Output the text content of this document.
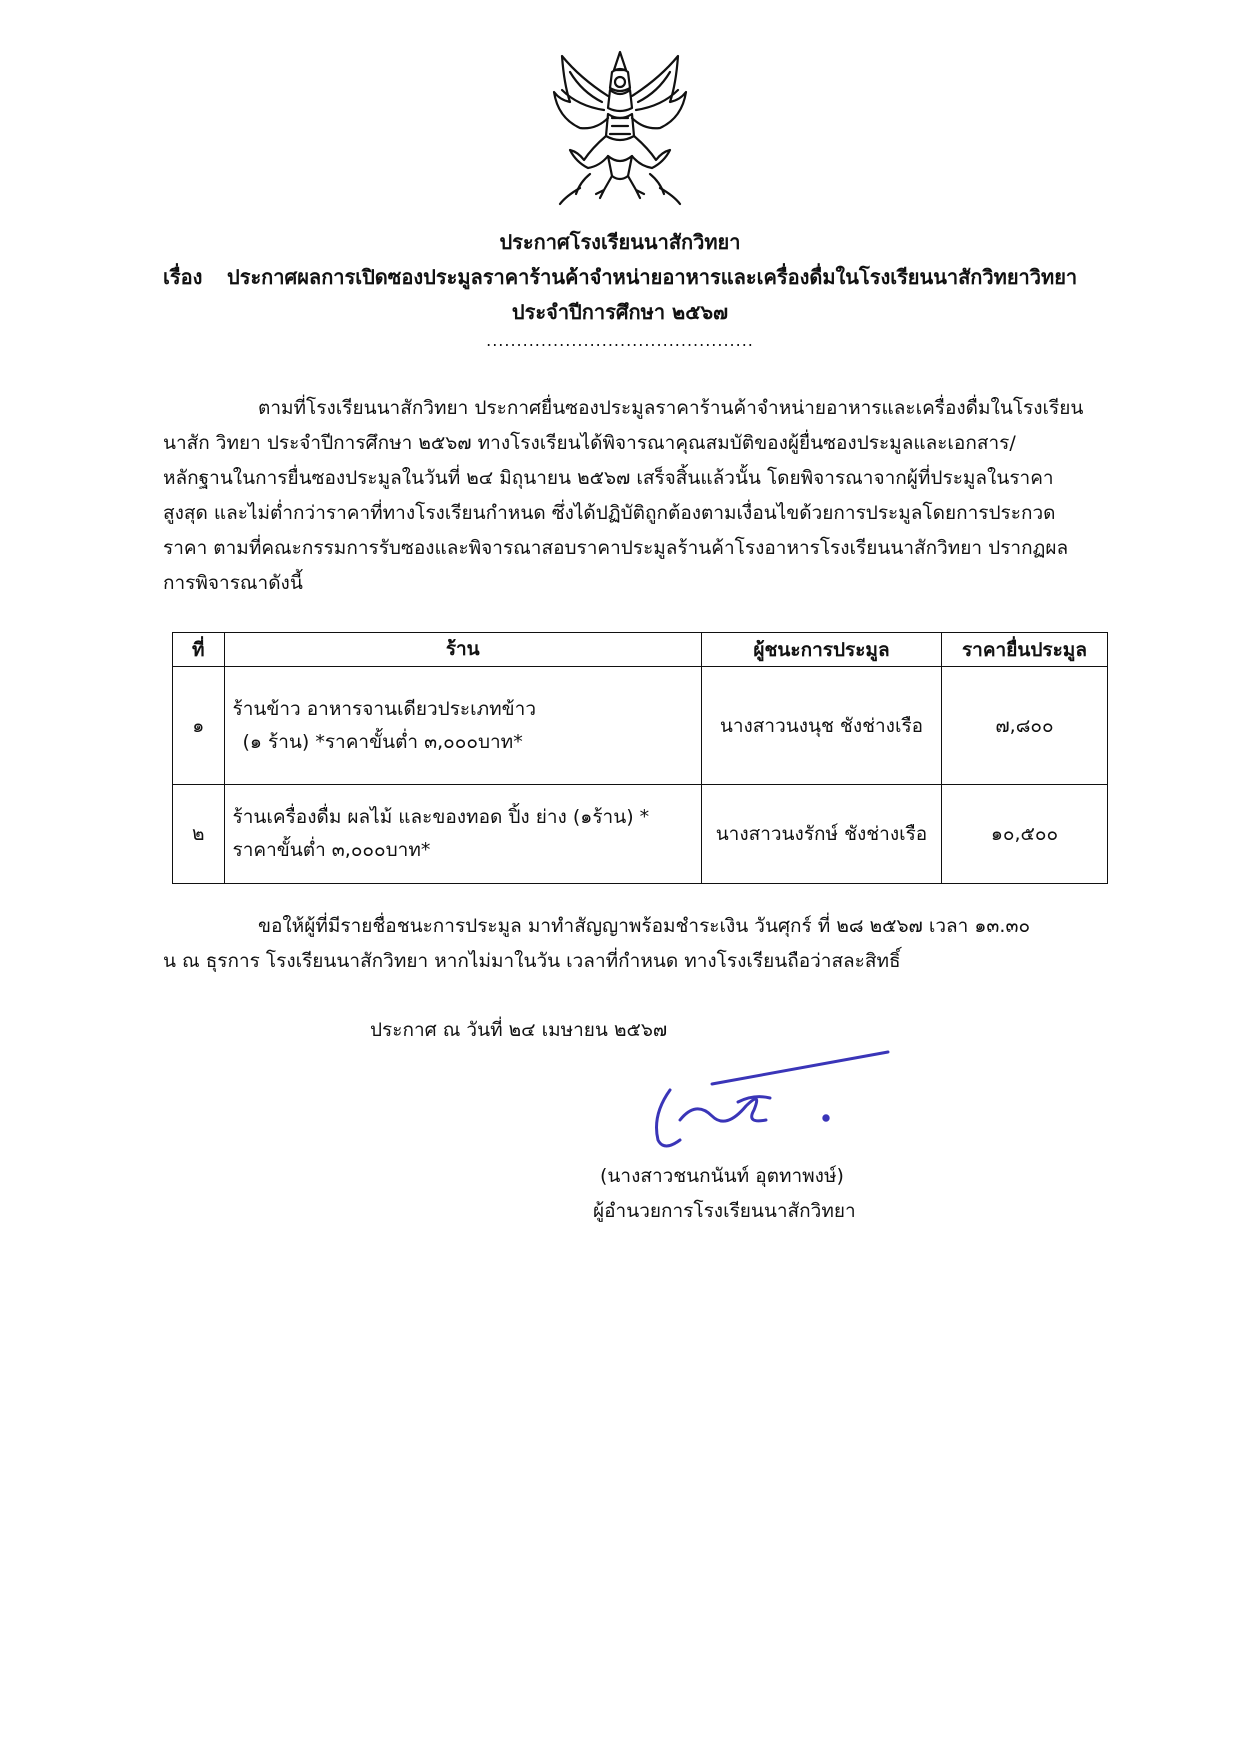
ประกาศโรงเรียนนาสักวิทยา
เรื่อง ประกาศผลการเปิดซองประมูลราคาร้านค้าจำหน่ายอาหารและเครื่องดื่มในโรงเรียนนาสักวิทยาวิทยา
ประจำปีการศึกษา ๒๕๖๗
............................................
ตามที่โรงเรียนนาสักวิทยา ประกาศยื่นซองประมูลราคาร้านค้าจำหน่ายอาหารและเครื่องดื่มในโรงเรียน
นาสัก วิทยา ประจำปีการศึกษา ๒๕๖๗ ทางโรงเรียนได้พิจารณาคุณสมบัติของผู้ยื่นซองประมูลและเอกสาร/
หลักฐานในการยื่นซองประมูลในวันที่ ๒๔ มิถุนายน ๒๕๖๗ เสร็จสิ้นแล้วนั้น โดยพิจารณาจากผู้ที่ประมูลในราคา
สูงสุด และไม่ต่ำกว่าราคาที่ทางโรงเรียนกำหนด ซึ่งได้ปฏิบัติถูกต้องตามเงื่อนไขด้วยการประมูลโดยการประกวด
ราคา ตามที่คณะกรรมการรับซองและพิจารณาสอบราคาประมูลร้านค้าโรงอาหารโรงเรียนนาสักวิทยา ปรากฏผล
การพิจารณาดังนี้
ที่	ร้าน	ผู้ชนะการประมูล	ราคายื่นประมูล
๑	ร้านข้าว อาหารจานเดียวประเภทข้าว
(๑ ร้าน) *ราคาขั้นต่ำ ๓,๐๐๐บาท*	นางสาวนงนุช ชังช่างเรือ	๗,๘๐๐
๒	ร้านเครื่องดื่ม ผลไม้ และของทอด ปิ้ง ย่าง (๑ร้าน) *
ราคาขั้นต่ำ ๓,๐๐๐บาท*	นางสาวนงรักษ์ ชังช่างเรือ	๑๐,๕๐๐
ขอให้ผู้ที่มีรายชื่อชนะการประมูล มาทำสัญญาพร้อมชำระเงิน วันศุกร์ ที่ ๒๘ ๒๕๖๗ เวลา ๑๓.๓๐
น ณ ธุรการ โรงเรียนนาสักวิทยา หากไม่มาในวัน เวลาที่กำหนด ทางโรงเรียนถือว่าสละสิทธิ์
ประกาศ ณ วันที่ ๒๔ เมษายน ๒๕๖๗
(นางสาวชนกนันท์ อุตทาพงษ์)
ผู้อำนวยการโรงเรียนนาสักวิทยา
